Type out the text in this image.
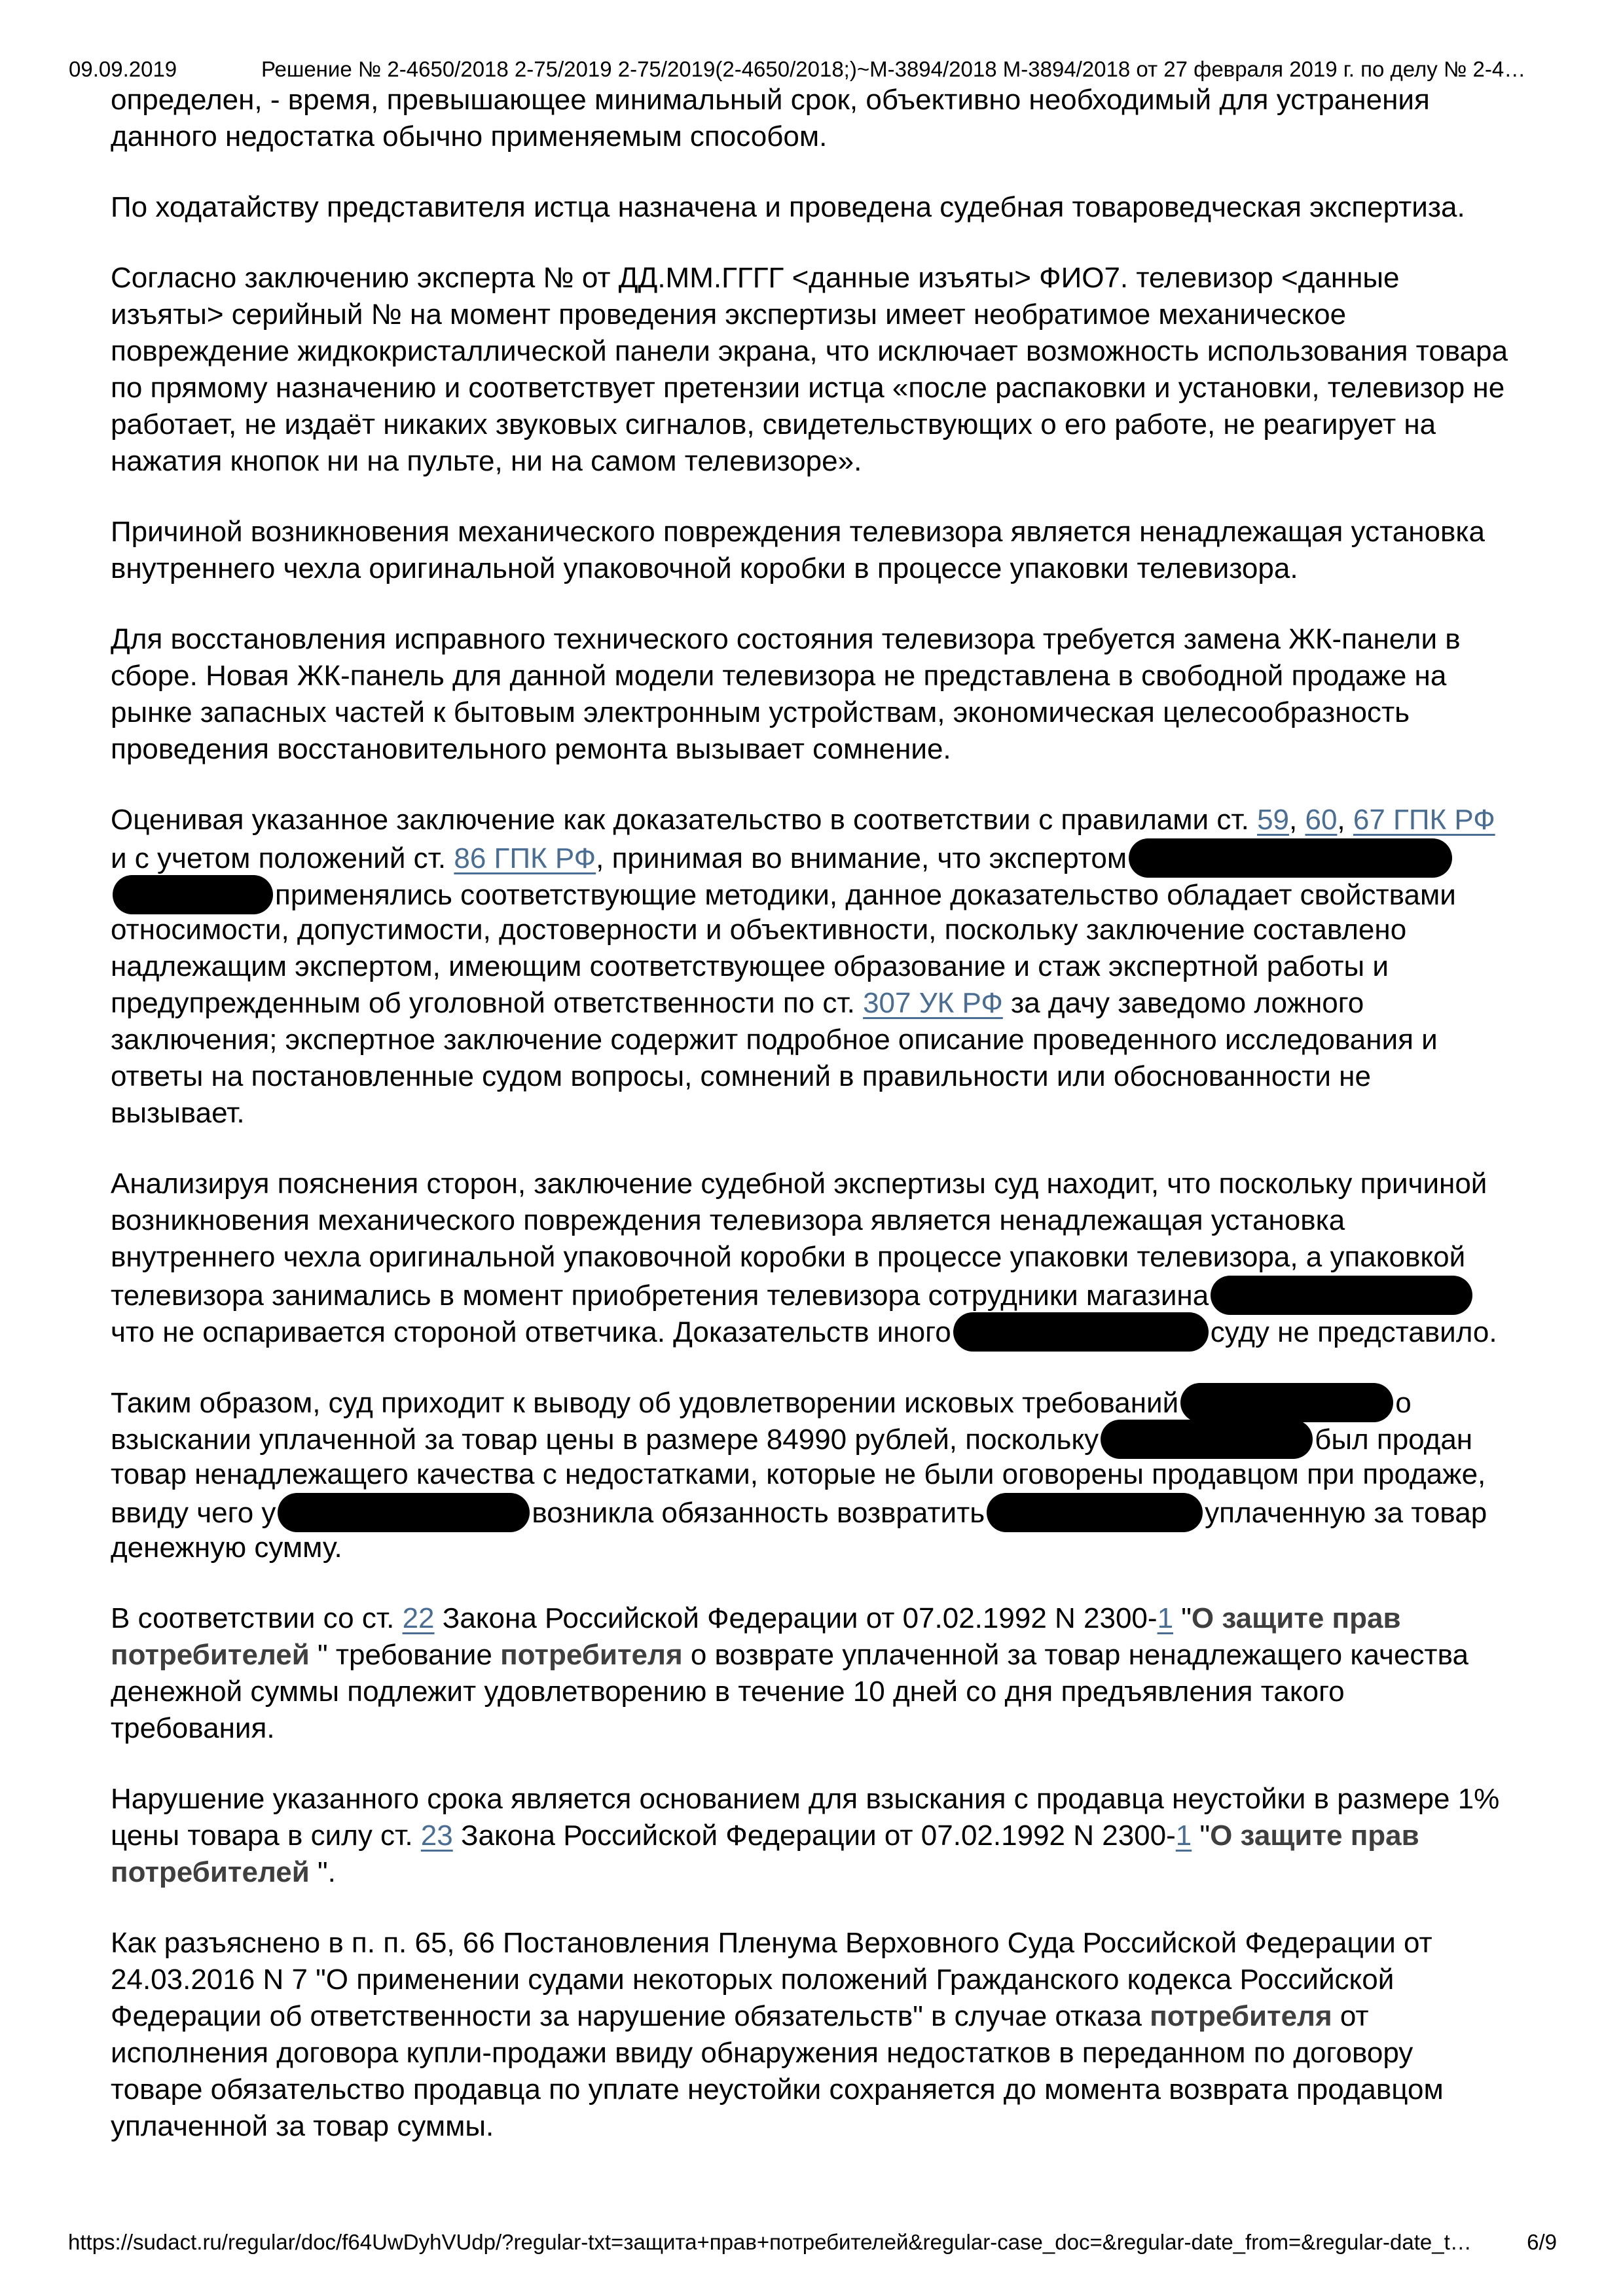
09.09.2019	Решение № 2-4650/2018 2-75/2019 2-75/2019(2-4650/2018;)~М-3894/2018 М-3894/2018 от 27 февраля 2019 г. по делу № 2-4…
определен, - время, превышающее минимальный срок, объективно необходимый для устранения
данного недостатка обычно применяемым способом.
По ходатайству представителя истца назначена и проведена судебная товароведческая экспертиза.
Согласно заключению эксперта № от ДД.ММ.ГГГГ <данные изъяты> ФИО7. телевизор <данные
изъяты> серийный № на момент проведения экспертизы имеет необратимое механическое
повреждение жидкокристаллической панели экрана, что исключает возможность использования товара
по прямому назначению и соответствует претензии истца «после распаковки и установки, телевизор не
работает, не издаёт никаких звуковых сигналов, свидетельствующих о его работе, не реагирует на
нажатия кнопок ни на пульте, ни на самом телевизоре».
Причиной возникновения механического повреждения телевизора является ненадлежащая установка
внутреннего чехла оригинальной упаковочной коробки в процессе упаковки телевизора.
Для восстановления исправного технического состояния телевизора требуется замена ЖК-панели в
сборе. Новая ЖК-панель для данной модели телевизора не представлена в свободной продаже на
рынке запасных частей к бытовым электронным устройствам, экономическая целесообразность
проведения восстановительного ремонта вызывает сомнение.
Оценивая указанное заключение как доказательство в соответствии с правилами ст. 59, 60, 67 ГПК РФ
и с учетом положений ст. 86 ГПК РФ, принимая во внимание, что экспертом
применялись соответствующие методики, данное доказательство обладает свойствами
относимости, допустимости, достоверности и объективности, поскольку заключение составлено
надлежащим экспертом, имеющим соответствующее образование и стаж экспертной работы и
предупрежденным об уголовной ответственности по ст. 307 УК РФ за дачу заведомо ложного
заключения; экспертное заключение содержит подробное описание проведенного исследования и
ответы на постановленные судом вопросы, сомнений в правильности или обоснованности не
вызывает.
Анализируя пояснения сторон, заключение судебной экспертизы суд находит, что поскольку причиной
возникновения механического повреждения телевизора является ненадлежащая установка
внутреннего чехла оригинальной упаковочной коробки в процессе упаковки телевизора, а упаковкой
телевизора занимались в момент приобретения телевизора сотрудники магазина
что не оспаривается стороной ответчика. Доказательств иного	суду не представило.
Таким образом, суд приходит к выводу об удовлетворении исковых требований	о
взыскании уплаченной за товар цены в размере 84990 рублей, поскольку	был продан
товар ненадлежащего качества с недостатками, которые не были оговорены продавцом при продаже,
ввиду чего у	возникла обязанность возвратить	уплаченную за товар
денежную сумму.
В соответствии со ст. 22 Закона Российской Федерации от 07.02.1992 N 2300-1 "О защите прав
потребителей " требование потребителя о возврате уплаченной за товар ненадлежащего качества
денежной суммы подлежит удовлетворению в течение 10 дней со дня предъявления такого
требования.
Нарушение указанного срока является основанием для взыскания с продавца неустойки в размере 1%
цены товара в силу ст. 23 Закона Российской Федерации от 07.02.1992 N 2300-1 "О защите прав
потребителей ".
Как разъяснено в п. п. 65, 66 Постановления Пленума Верховного Суда Российской Федерации от
24.03.2016 N 7 "О применении судами некоторых положений Гражданского кодекса Российской
Федерации об ответственности за нарушение обязательств" в случае отказа потребителя от
исполнения договора купли-продажи ввиду обнаружения недостатков в переданном по договору
товаре обязательство продавца по уплате неустойки сохраняется до момента возврата продавцом
уплаченной за товар суммы.
https://sudact.ru/regular/doc/f64UwDyhVUdp/?regular-txt=защита+прав+потребителей&regular-case_doc=&regular-date_from=&regular-date_t…	6/9
